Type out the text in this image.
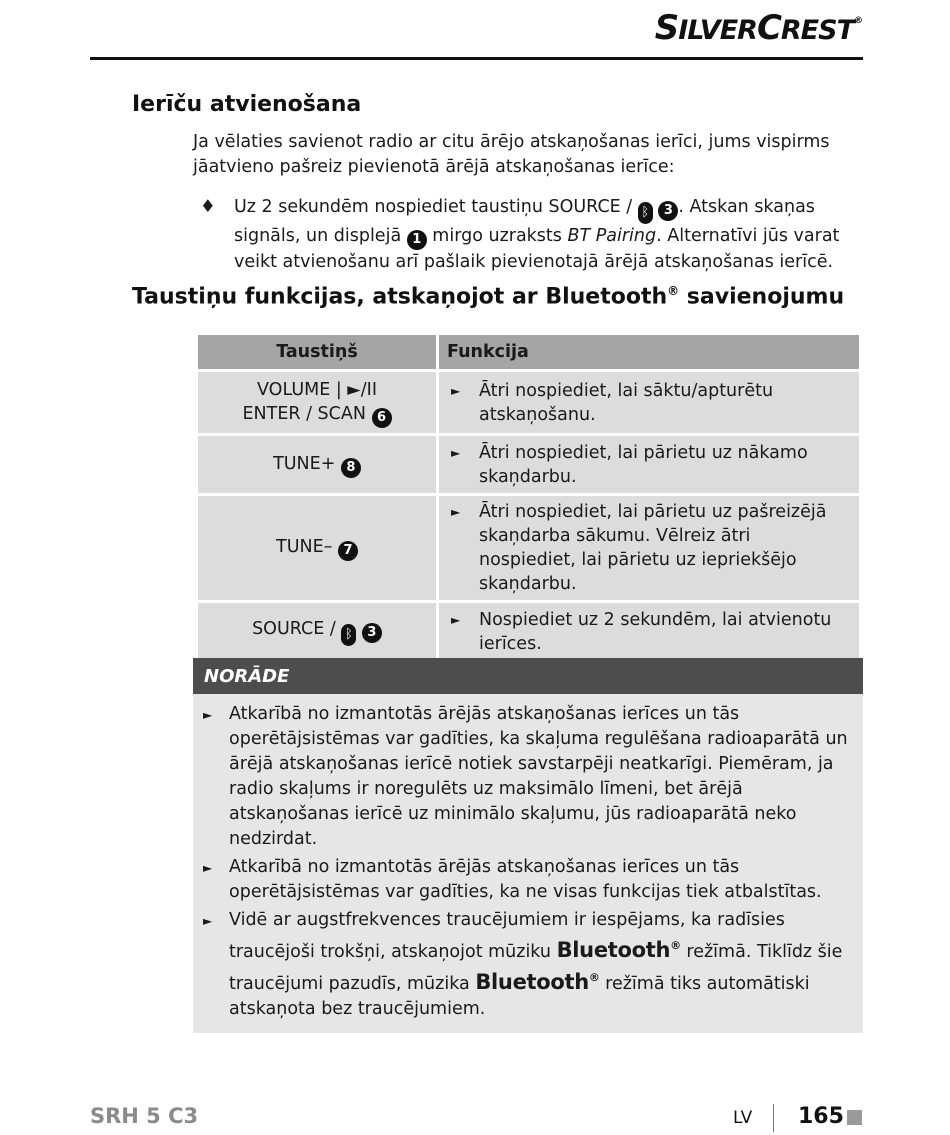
SILVERCREST®
Ierīču atvienošana
Ja vēlaties savienot radio ar citu ārējo atskaņošanas ierīci, jums vispirms jāatvieno pašreiz pievienotā ārējā atskaņošanas ierīce:
♦ Uz 2 sekundēm nospiediet taustiņu SOURCE / ᛒ 3 . Atskan skaņas signāls, un displejā 1 mirgo uzraksts BT Pairing. Alternatīvi jūs varat veikt atvienošanu arī pašlaik pievienotajā ārējā atskaņošanas ierīcē.
Taustiņu funkcijas, atskaņojot ar Bluetooth® savienojumu
Taustiņš	Funkcija
VOLUME | ►/II
ENTER / SCAN 6	► Ātri nospiediet, lai sāktu/apturētu atskaņošanu.

TUNE+ 8	► Ātri nospiediet, lai pārietu uz nākamo skaņdarbu.

TUNE– 7	► Ātri nospiediet, lai pārietu uz pašreizējā skaņdarba sākumu. Vēlreiz ātri nospiediet, lai pārietu uz iepriekšējo skaņdarbu.

SOURCE / ᛒ 3	► Nospiediet uz 2 sekundēm, lai atvienotu ierīces.
NORĀDE
► Atkarībā no izmantotās ārējās atskaņošanas ierīces un tās operētājsistēmas var gadīties, ka skaļuma regulēšana radioaparātā un ārējā atskaņošanas ierīcē notiek savstarpēji neatkarīgi. Piemēram, ja radio skaļums ir noregulēts uz maksimālo līmeni, bet ārējā atskaņošanas ierīcē uz minimālo skaļumu, jūs radioaparātā neko nedzirdat.
► Atkarībā no izmantotās ārējās atskaņošanas ierīces un tās operētājsistēmas var gadīties, ka ne visas funkcijas tiek atbalstītas.
► Vidē ar augstfrekvences traucējumiem ir iespējams, ka radīsies traucējoši trokšņi, atskaņojot mūziku Bluetooth® režīmā. Tiklīdz šie traucējumi pazudīs, mūzika Bluetooth® režīmā tiks automātiski atskaņota bez traucējumiem.
SRH 5 C3	LV 165
